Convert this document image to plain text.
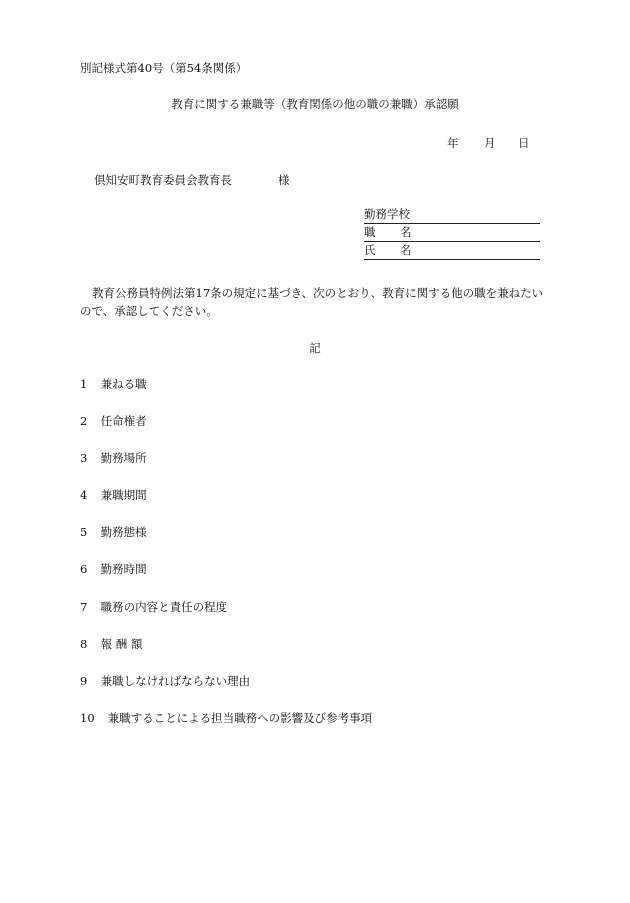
別記様式第40号（第54条関係）
教育に関する兼職等（教育関係の他の職の兼職）承認願
年 月 日
倶知安町教育委員会教育長	様
勤務学校
職 名
氏 名
教育公務員特例法第17条の規定に基づき、次のとおり、教育に関する他の職を兼ねたい
ので、承認してください。
記
1 兼ねる職
2 任命権者
3 勤務場所
4 兼職期間
5 勤務態様
6 勤務時間
7 職務の内容と責任の程度
8 報 酬 額
9 兼職しなければならない理由
10 兼職することによる担当職務への影響及び参考事項
